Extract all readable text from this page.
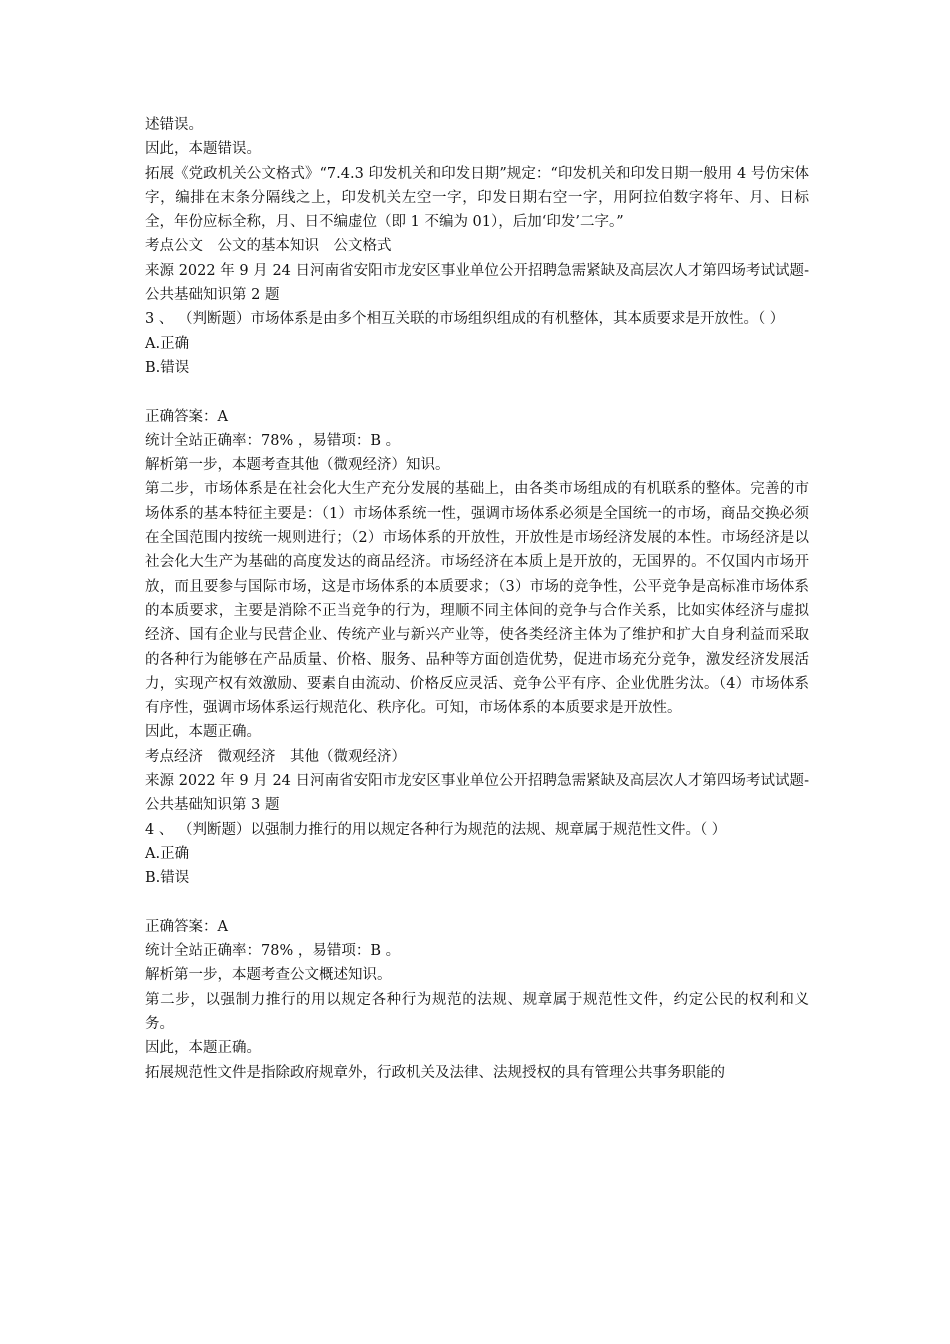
述错误。

因此，本题错误。

拓展《党政机关公文格式》“7.4.3 印发机关和印发日期”规定：“印发机关和印发日期一般用 4 号仿宋体字，编排在末条分隔线之上，印发机关左空一字，印发日期右空一字，用阿拉伯数字将年、月、日标全，年份应标全称，月、日不编虚位（即 1 不编为 01），后加‘印发’二字。”

考点公文　公文的基本知识　公文格式

来源 2022 年 9 月 24 日河南省安阳市龙安区事业单位公开招聘急需紧缺及高层次人才第四场考试试题-公共基础知识第 2 题

3 、 （判断题）市场体系是由多个相互关联的市场组织组成的有机整体，其本质要求是开放性。（ ）

A.正确

B.错误

正确答案：A

统计全站正确率：78% ，易错项：B 。

解析第一步，本题考查其他（微观经济）知识。

第二步，市场体系是在社会化大生产充分发展的基础上，由各类市场组成的有机联系的整体。完善的市场体系的基本特征主要是：（1）市场体系统一性，强调市场体系必须是全国统一的市场，商品交换必须在全国范围内按统一规则进行；（2）市场体系的开放性，开放性是市场经济发展的本性。市场经济是以社会化大生产为基础的高度发达的商品经济。市场经济在本质上是开放的，无国界的。不仅国内市场开放，而且要参与国际市场，这是市场体系的本质要求；（3）市场的竞争性，公平竞争是高标准市场体系的本质要求，主要是消除不正当竞争的行为，理顺不同主体间的竞争与合作关系，比如实体经济与虚拟经济、国有企业与民营企业、传统产业与新兴产业等，使各类经济主体为了维护和扩大自身利益而采取的各种行为能够在产品质量、价格、服务、品种等方面创造优势，促进市场充分竞争，激发经济发展活力，实现产权有效激励、要素自由流动、价格反应灵活、竞争公平有序、企业优胜劣汰。（4）市场体系有序性，强调市场体系运行规范化、秩序化。可知，市场体系的本质要求是开放性。

因此，本题正确。

考点经济　微观经济　其他（微观经济）

来源 2022 年 9 月 24 日河南省安阳市龙安区事业单位公开招聘急需紧缺及高层次人才第四场考试试题-公共基础知识第 3 题

4 、 （判断题）以强制力推行的用以规定各种行为规范的法规、规章属于规范性文件。（ ）

A.正确

B.错误

正确答案：A

统计全站正确率：78% ，易错项：B 。

解析第一步，本题考查公文概述知识。

第二步，以强制力推行的用以规定各种行为规范的法规、规章属于规范性文件，约定公民的权利和义务。

因此，本题正确。

拓展规范性文件是指除政府规章外，行政机关及法律、法规授权的具有管理公共事务职能的
